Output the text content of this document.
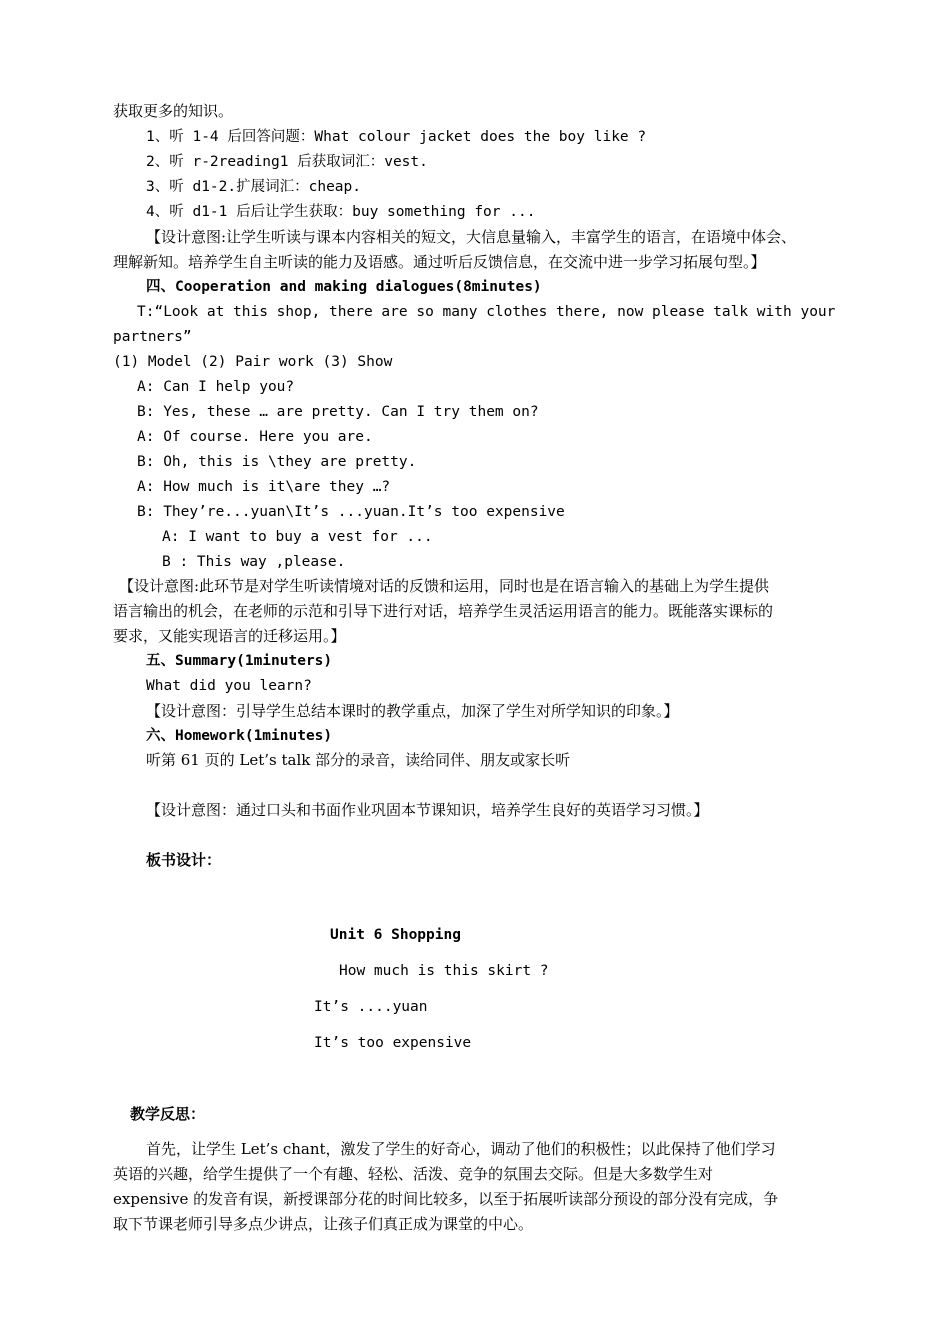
获取更多的知识。
1、听 1-4 后回答问题：What colour jacket does the boy like ?
2、听 r-2reading1 后获取词汇：vest.
3、听 d1-2.扩展词汇：cheap.
4、听 d1-1 后后让学生获取：buy something for ...
【设计意图:让学生听读与课本内容相关的短文，大信息量输入，丰富学生的语言，在语境中体会、
理解新知。培养学生自主听读的能力及语感。通过听后反馈信息，在交流中进一步学习拓展句型。】
四、Cooperation and making dialogues(8minutes)
T:“Look at this shop, there are so many clothes there, now please talk with your
partners”
(1) Model (2) Pair work (3) Show
A: Can I help you?
B: Yes, these … are pretty. Can I try them on?
A: Of course. Here you are.
B: Oh, this is \they are pretty.
A: How much is it\are they …?
B: They’re...yuan\It’s ...yuan.It’s too expensive
A: I want to buy a vest for ...
B : This way ,please.
【设计意图:此环节是对学生听读情境对话的反馈和运用，同时也是在语言输入的基础上为学生提供
语言输出的机会，在老师的示范和引导下进行对话，培养学生灵活运用语言的能力。既能落实课标的
要求，又能实现语言的迁移运用。】
五、Summary(1minuters)
What did you learn?
【设计意图：引导学生总结本课时的教学重点，加深了学生对所学知识的印象。】
六、Homework(1minutes)
听第 61 页的 Let’s talk 部分的录音，读给同伴、朋友或家长听
【设计意图：通过口头和书面作业巩固本节课知识，培养学生良好的英语学习习惯。】
板书设计：
Unit 6 Shopping
How much is this skirt ?
It’s ....yuan
It’s too expensive
教学反思：
首先，让学生 Let’s chant，激发了学生的好奇心，调动了他们的积极性；以此保持了他们学习
英语的兴趣，给学生提供了一个有趣、轻松、活泼、竞争的氛围去交际。但是大多数学生对
expensive 的发音有误，新授课部分花的时间比较多，以至于拓展听读部分预设的部分没有完成，争
取下节课老师引导多点少讲点，让孩子们真正成为课堂的中心。
